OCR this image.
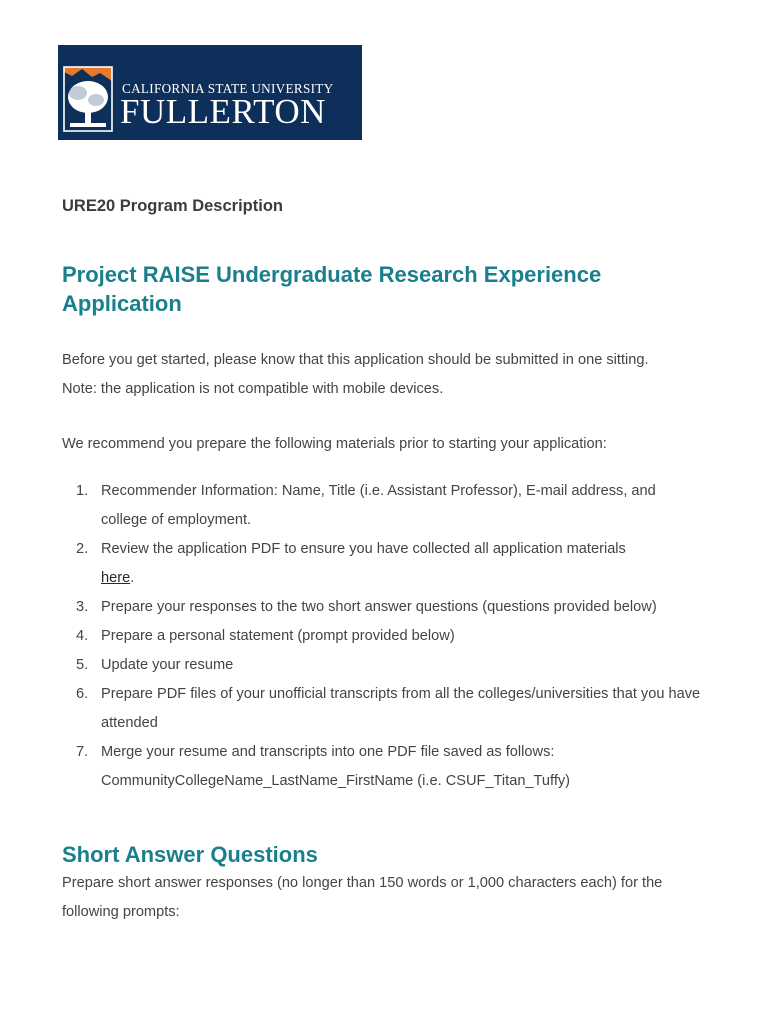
CALIFORNIA STATE UNIVERSITY
FULLERTON

URE20 Program Description

Project RAISE Undergraduate Research Experience Application

Before you get started, please know that this application should be submitted in one sitting.
Note: the application is not compatible with mobile devices.

We recommend you prepare the following materials prior to starting your application:

1. Recommender Information: Name, Title (i.e. Assistant Professor), E-mail address, and college of employment.
2. Review the application PDF to ensure you have collected all application materials
here.
3. Prepare your responses to the two short answer questions (questions provided below)
4. Prepare a personal statement (prompt provided below)
5. Update your resume
6. Prepare PDF files of your unofficial transcripts from all the colleges/universities that you have attended
7. Merge your resume and transcripts into one PDF file saved as follows:
CommunityCollegeName_LastName_FirstName (i.e. CSUF_Titan_Tuffy)
Short Answer Questions

Prepare short answer responses (no longer than 150 words or 1,000 characters each) for the following prompts:
